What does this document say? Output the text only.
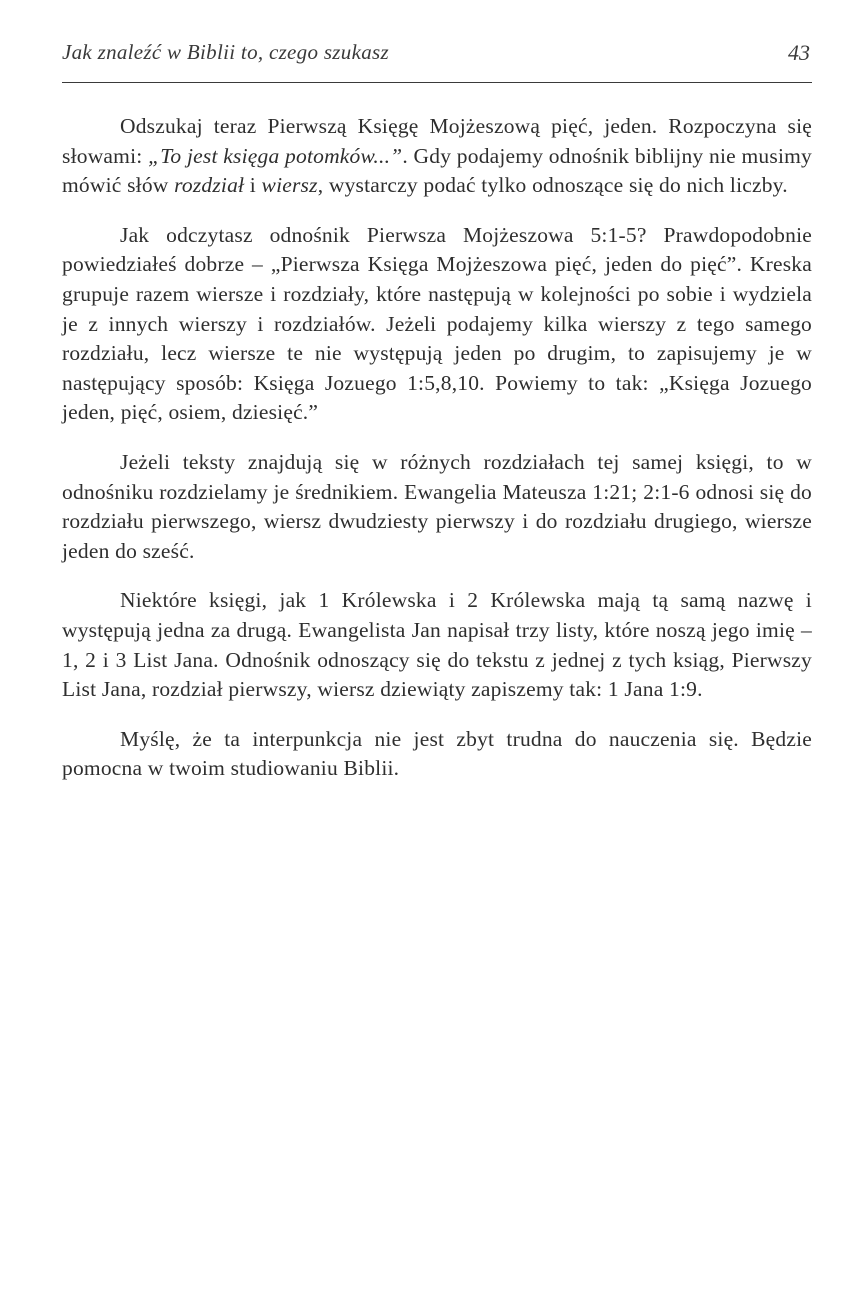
Jak znaleźć w Biblii to, czego szukasz	43

Odszukaj teraz Pierwszą Księgę Mojżeszową pięć, jeden. Rozpoczyna się słowami: „To jest księga potomków...”. Gdy podajemy odnośnik biblijny nie musimy mówić słów rozdział i wiersz, wystarczy podać tylko odnoszące się do nich liczby.

Jak odczytasz odnośnik Pierwsza Mojżeszowa 5:1-5? Prawdopodobnie powiedziałeś dobrze – „Pierwsza Księga Mojżeszowa pięć, jeden do pięć”. Kreska grupuje razem wiersze i rozdziały, które następują w kolejności po sobie i wydziela je z innych wierszy i rozdziałów. Jeżeli podajemy kilka wierszy z tego samego rozdziału, lecz wiersze te nie występują jeden po drugim, to zapisujemy je w następujący sposób: Księga Jozuego 1:5,8,10. Powiemy to tak: „Księga Jozuego jeden, pięć, osiem, dziesięć.”

Jeżeli teksty znajdują się w różnych rozdziałach tej samej księgi, to w odnośniku rozdzielamy je średnikiem. Ewangelia Mateusza 1:21; 2:1-6 odnosi się do rozdziału pierwszego, wiersz dwudziesty pierwszy i do rozdziału drugiego, wiersze jeden do sześć.

Niektóre księgi, jak 1 Królewska i 2 Królewska mają tą samą nazwę i występują jedna za drugą. Ewangelista Jan napisał trzy listy, które noszą jego imię – 1, 2 i 3 List Jana. Odnośnik odnoszący się do tekstu z jednej z tych ksiąg, Pierwszy List Jana, rozdział pierwszy, wiersz dziewiąty zapiszemy tak: 1 Jana 1:9.

Myślę, że ta interpunkcja nie jest zbyt trudna do nauczenia się. Będzie pomocna w twoim studiowaniu Biblii.
